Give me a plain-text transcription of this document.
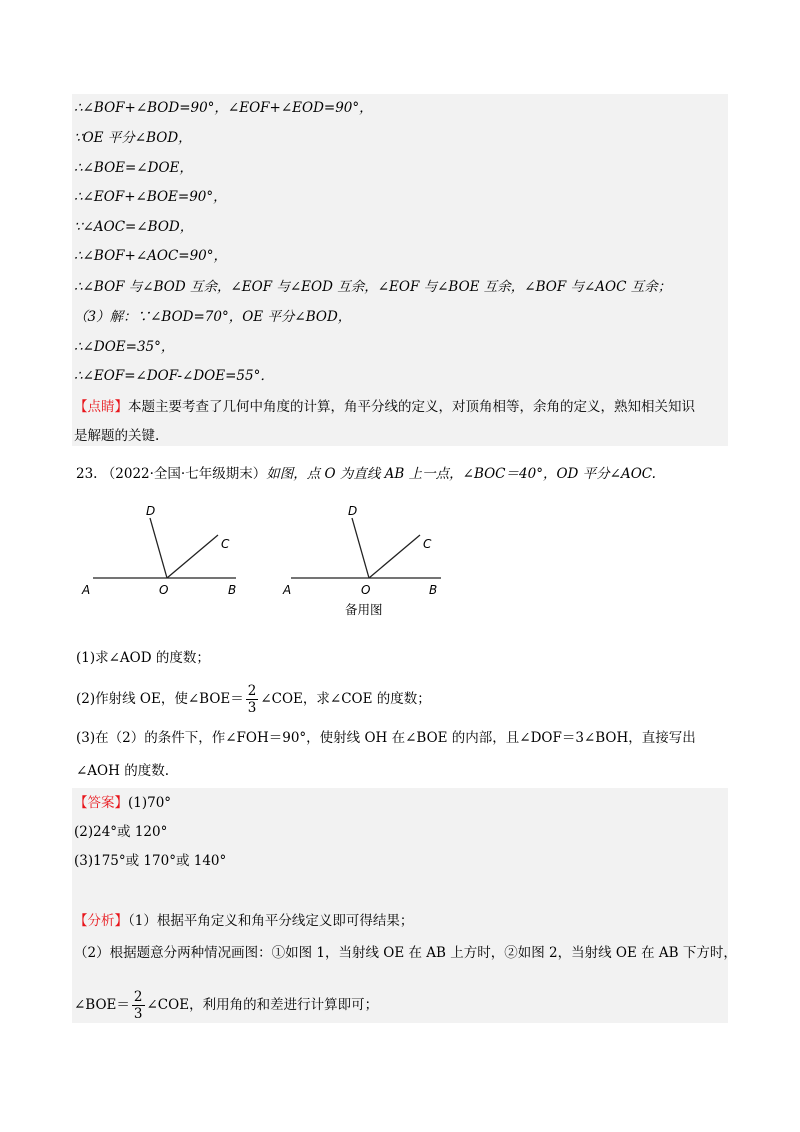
∴∠BOF+∠BOD=90°，∠EOF+∠EOD=90°，
∵OE 平分∠BOD，
∴∠BOE=∠DOE，
∴∠EOF+∠BOE=90°，
∵∠AOC=∠BOD，
∴∠BOF+∠AOC=90°，
∴∠BOF 与∠BOD 互余，∠EOF 与∠EOD 互余，∠EOF 与∠BOE 互余，∠BOF 与∠AOC 互余；
（3）解：∵∠BOD=70°，OE 平分∠BOD，
∴∠DOE=35°，
∴∠EOF=∠DOF-∠DOE=55°．
【点睛】本题主要考查了几何中角度的计算，角平分线的定义，对顶角相等，余角的定义，熟知相关知识
是解题的关键.
23. （2022·全国·七年级期末）如图，点 O 为直线 AB 上一点，∠BOC＝40°，OD 平分∠AOC.
A	O	B
C
D
A	O	B
C
D
备用图
(1)求∠AOD 的度数；
(2)作射线 OE，使∠BOE＝ $\frac{2}{3}$ ∠COE，求∠COE 的度数；
(3)在（2）的条件下，作∠FOH＝90°，使射线 OH 在∠BOE 的内部，且∠DOF＝3∠BOH，直接写出
∠AOH 的度数.
【答案】(1)70°
(2)24°或 120°
(3)175°或 170°或 140°
【分析】（1）根据平角定义和角平分线定义即可得结果；
（2）根据题意分两种情况画图：①如图 1，当射线 OE 在 AB 上方时，②如图 2，当射线 OE 在 AB 下方时，
∠BOE＝ $\frac{2}{3}$ ∠COE，利用角的和差进行计算即可；
